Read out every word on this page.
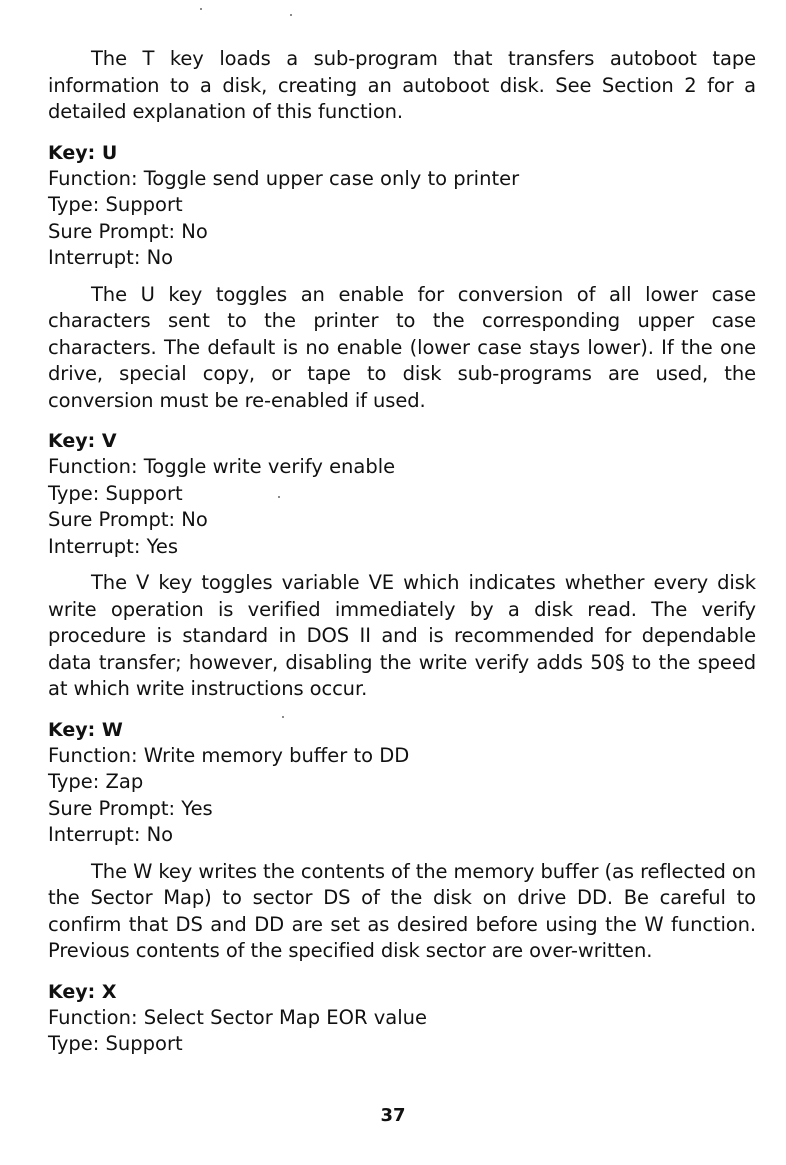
The T key loads a sub-program that transfers autoboot tape information to a disk, creating an autoboot disk. See Section 2 for a detailed explanation of this function.

Key: U

Function: Toggle send upper case only to printer

Type: Support

Sure Prompt: No

Interrupt: No

The U key toggles an enable for conversion of all lower case characters sent to the printer to the corresponding upper case characters. The default is no enable (lower case stays lower). If the one drive, special copy, or tape to disk sub-programs are used, the conversion must be re-enabled if used.

Key: V

Function: Toggle write verify enable

Type: Support

Sure Prompt: No

Interrupt: Yes

The V key toggles variable VE which indicates whether every disk write operation is verified immediately by a disk read. The verify procedure is standard in DOS II and is recommended for dependable data transfer; however, disabling the write verify adds 50§ to the speed at which write instructions occur.

Key: W

Function: Write memory buffer to DD

Type: Zap

Sure Prompt: Yes

Interrupt: No

The W key writes the contents of the memory buffer (as reflected on the Sector Map) to sector DS of the disk on drive DD. Be careful to confirm that DS and DD are set as desired before using the W function. Previous contents of the specified disk sector are over-written.

Key: X

Function: Select Sector Map EOR value

Type: Support

37
